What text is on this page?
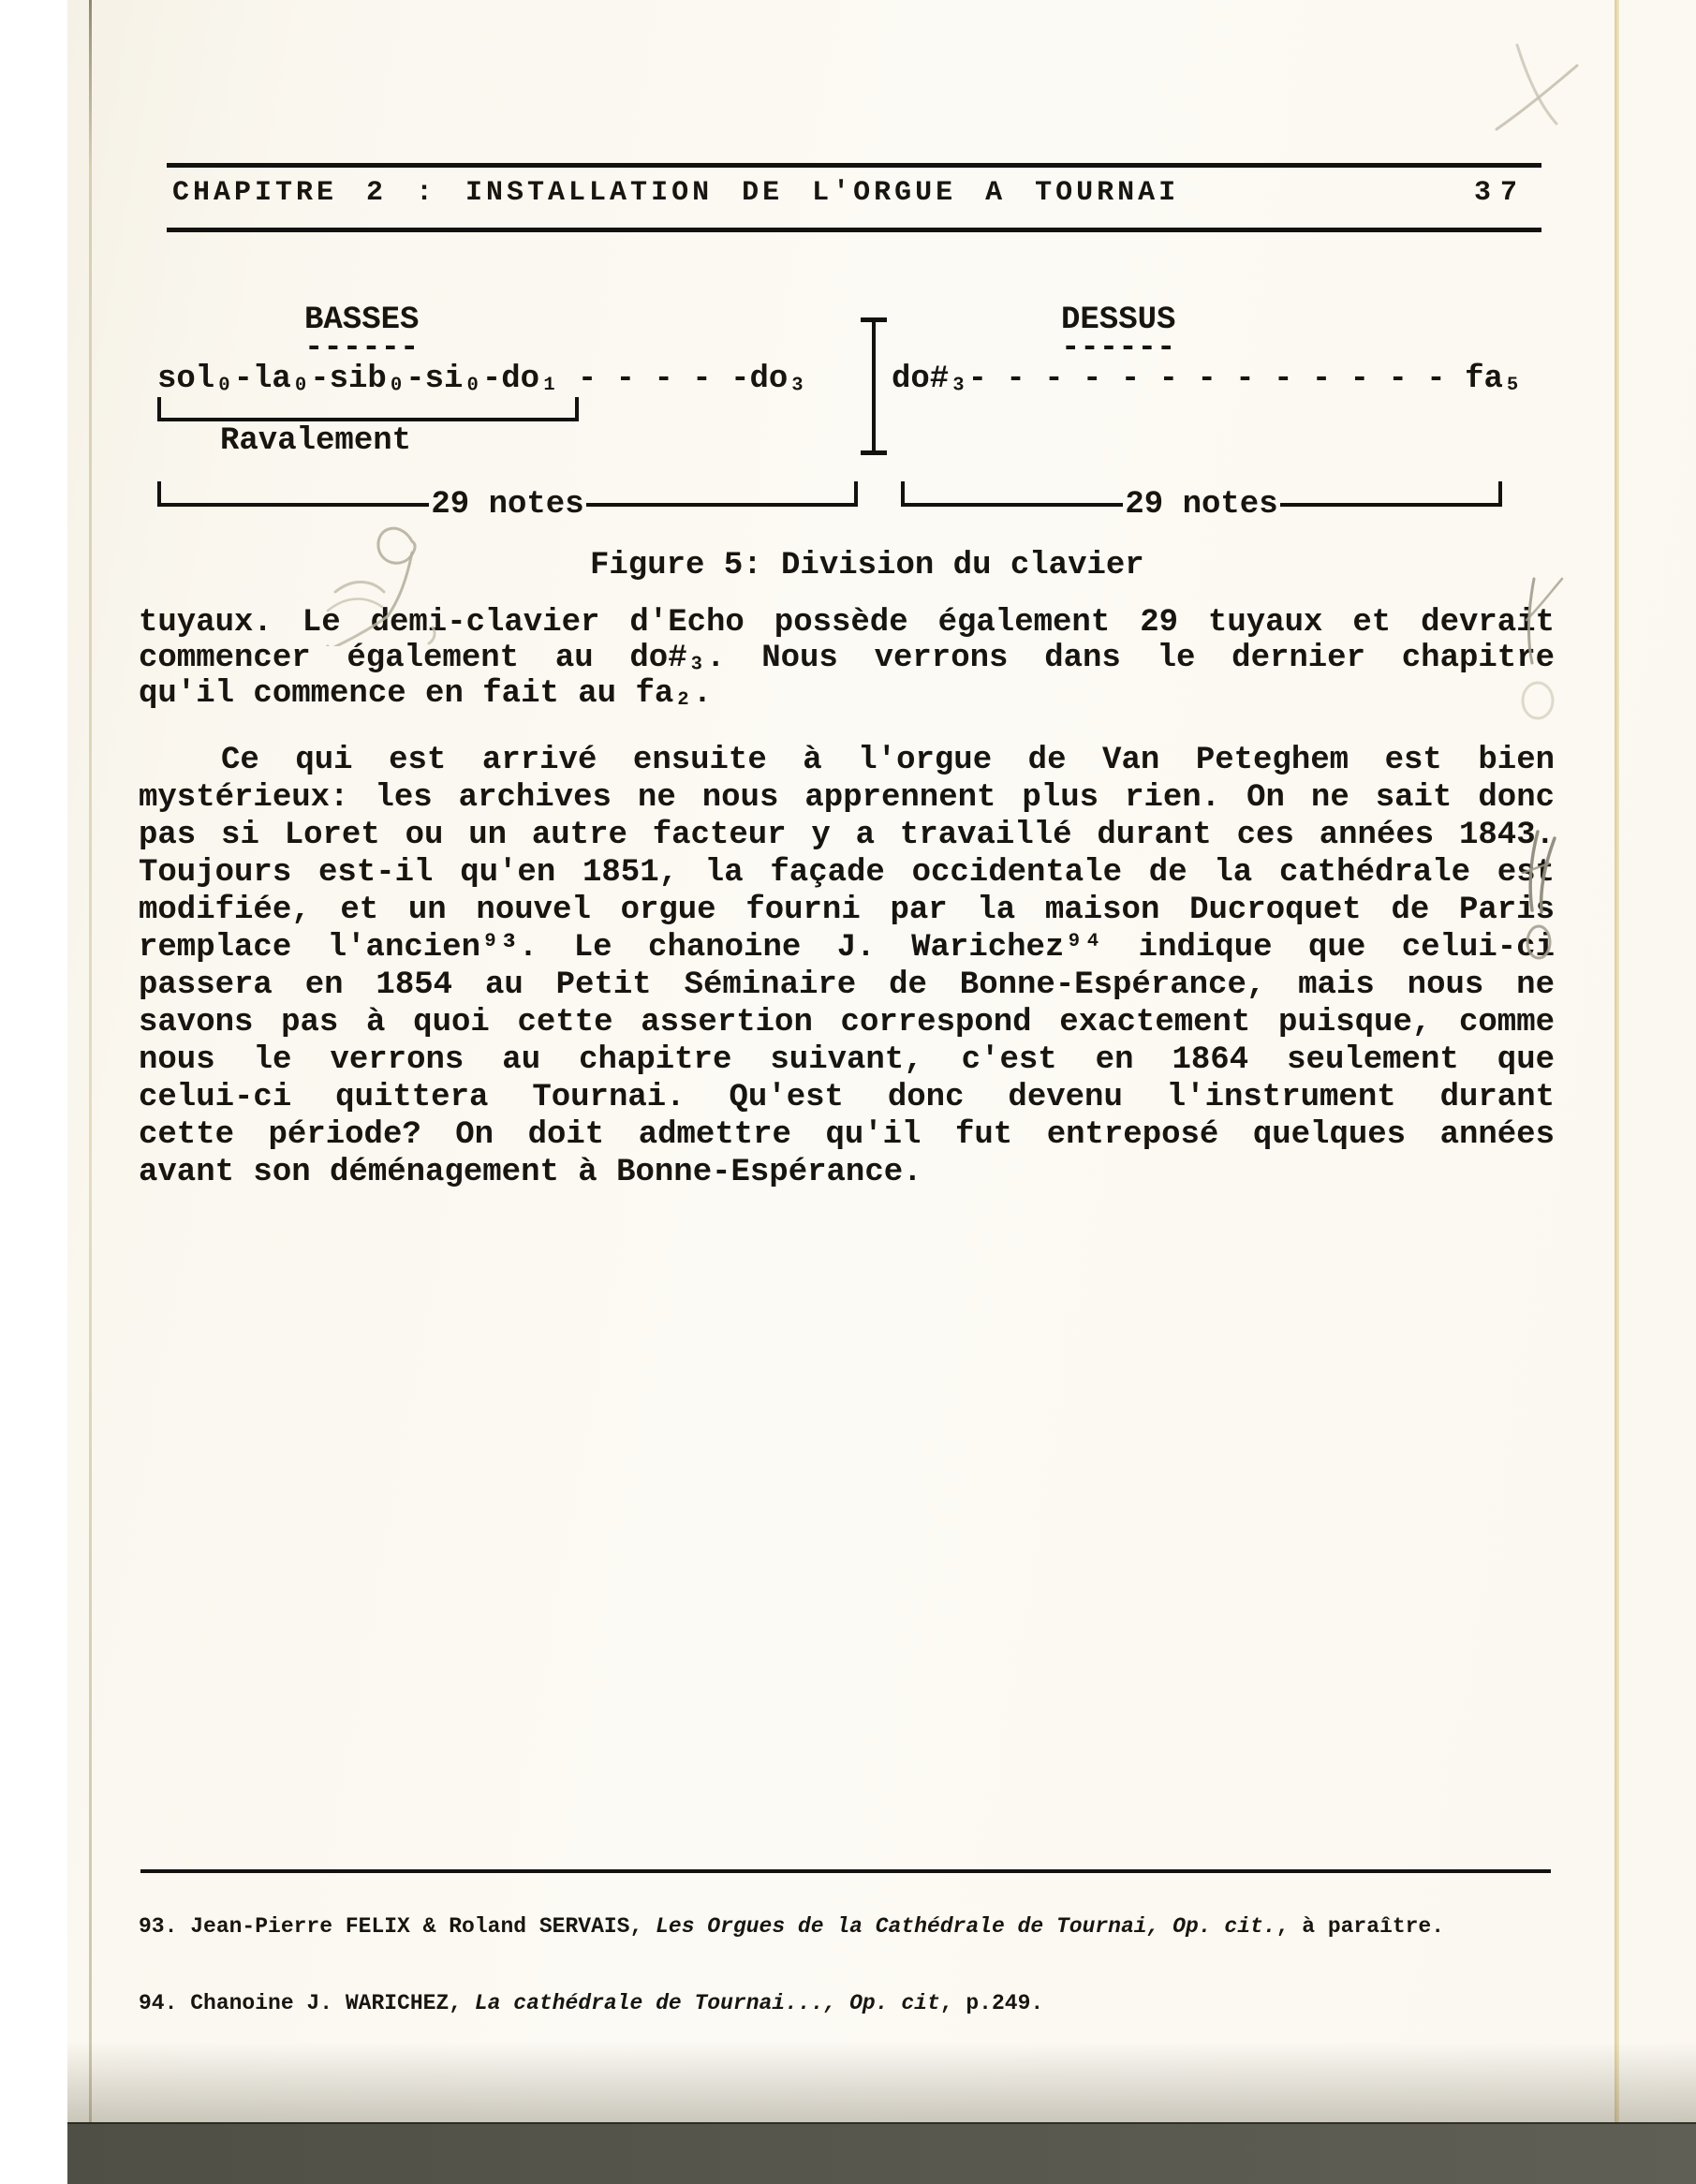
CHAPITRE 2 : INSTALLATION DE L'ORGUE A TOURNAI	37
BASSES
------
DESSUS
------
sol₀-la₀-sib₀-si₀-do₁ - - - - -do₃	do#₃- - - - - - - - - - - - - fa₅
Ravalement
29 notes	29 notes
Figure 5: Division du clavier
tuyaux. Le demi-clavier d'Echo possède également 29 tuyaux et devrait
commencer également au do#₃. Nous verrons dans le dernier chapitre
qu'il commence en fait au fa₂.
Ce qui est arrivé ensuite à l'orgue de Van Peteghem est bien
mystérieux: les archives ne nous apprennent plus rien. On ne sait donc
pas si Loret ou un autre facteur y a travaillé durant ces années 1843.
Toujours est-il qu'en 1851, la façade occidentale de la cathédrale est
modifiée, et un nouvel orgue fourni par la maison Ducroquet de Paris
remplace l'ancien⁹³. Le chanoine J. Warichez⁹⁴ indique que celui-ci
passera en 1854 au Petit Séminaire de Bonne-Espérance, mais nous ne
savons pas à quoi cette assertion correspond exactement puisque, comme
nous le verrons au chapitre suivant, c'est en 1864 seulement que
celui-ci quittera Tournai. Qu'est donc devenu l'instrument durant
cette période? On doit admettre qu'il fut entreposé quelques années
avant son déménagement à Bonne-Espérance.
93. Jean-Pierre FELIX & Roland SERVAIS, Les Orgues de la Cathédrale de Tournai, Op. cit., à paraître.
94. Chanoine J. WARICHEZ, La cathédrale de Tournai..., Op. cit, p.249.
